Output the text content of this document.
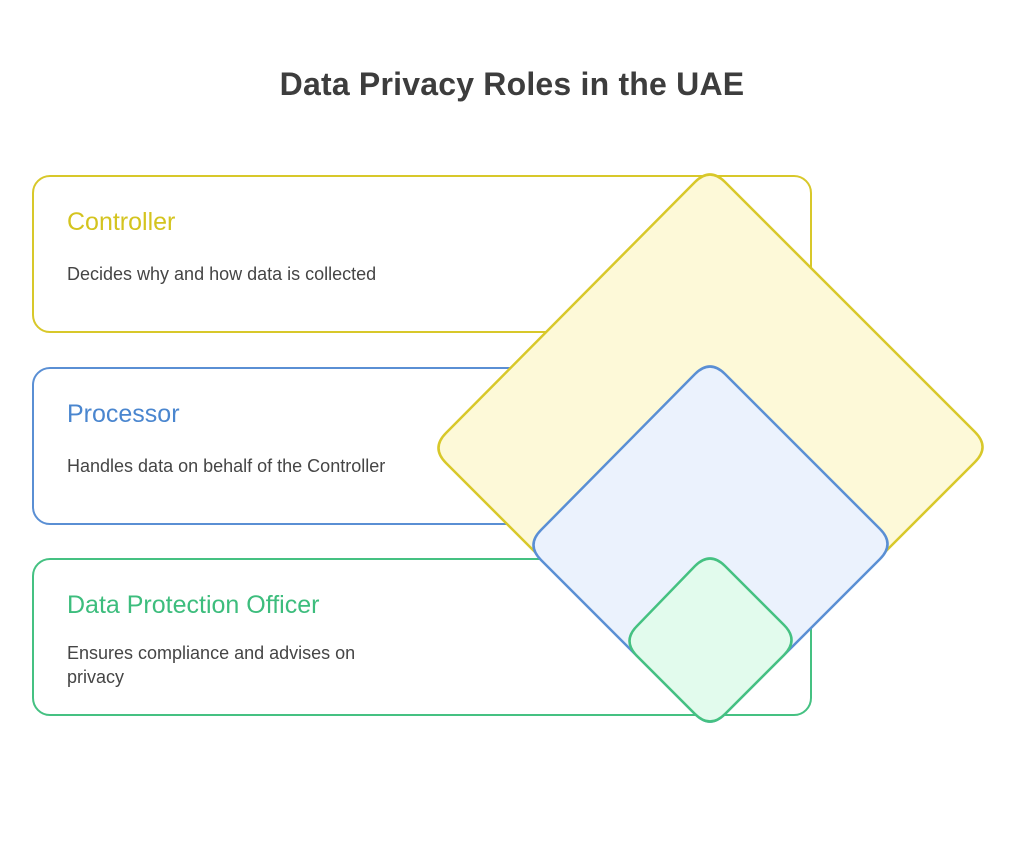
Data Privacy Roles in the UAE
Controller
Decides why and how data is collected
Processor
Handles data on behalf of the Controller
Data Protection Officer
Ensures compliance and advises on privacy
